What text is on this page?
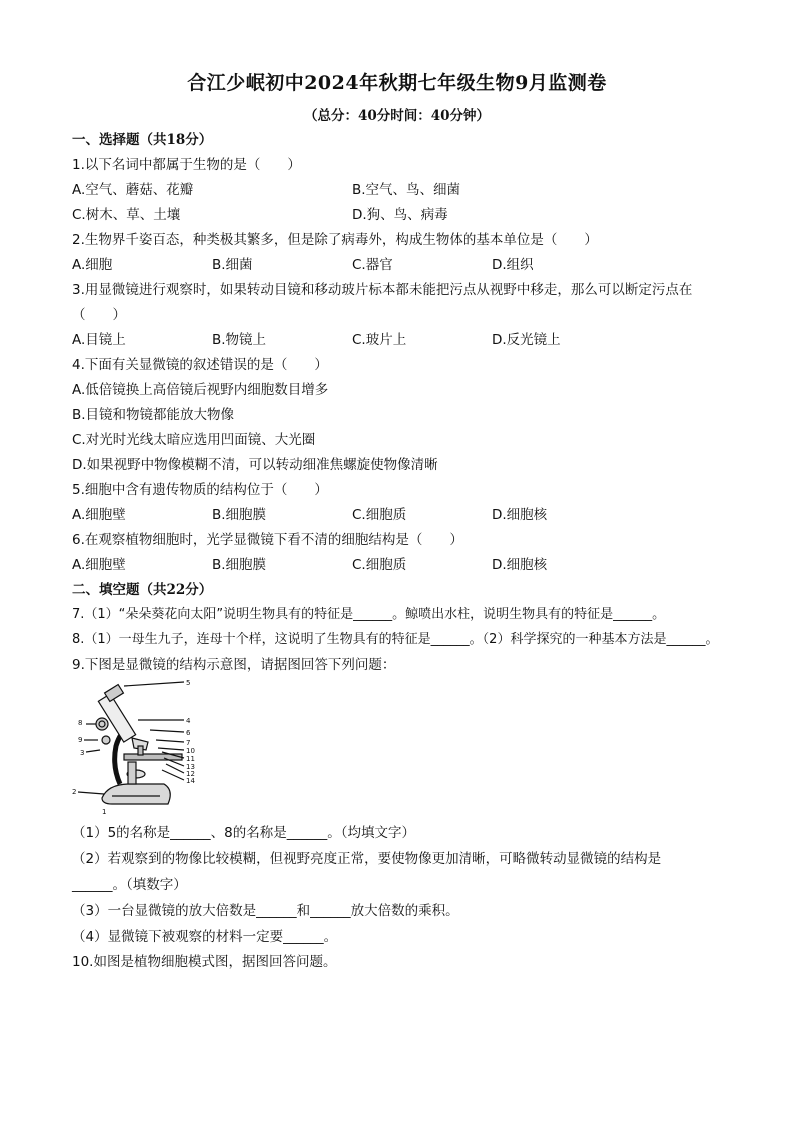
合江少岷初中2024年秋期七年级生物9月监测卷
（总分：40分时间：40分钟）
一、选择题（共18分）
1.以下名词中都属于生物的是（　　）
A.空气、蘑菇、花瓣	B.空气、鸟、细菌
C.树木、草、土壤	D.狗、鸟、病毒
2.生物界千姿百态，种类极其繁多，但是除了病毒外，构成生物体的基本单位是（　　）
A.细胞	B.细菌	C.器官	D.组织
3.用显微镜进行观察时，如果转动目镜和移动玻片标本都未能把污点从视野中移走，那么可以断定污点在
（　　）
A.目镜上	B.物镜上	C.玻片上	D.反光镜上
4.下面有关显微镜的叙述错误的是（　　）
A.低倍镜换上高倍镜后视野内细胞数目增多
B.目镜和物镜都能放大物像
C.对光时光线太暗应选用凹面镜、大光圈
D.如果视野中物像模糊不清，可以转动细准焦螺旋使物像清晰
5.细胞中含有遗传物质的结构位于（　　）
A.细胞壁	B.细胞膜	C.细胞质	D.细胞核
6.在观察植物细胞时，光学显微镜下看不清的细胞结构是（　　）
A.细胞壁	B.细胞膜	C.细胞质	D.细胞核
二、填空题（共22分）
7.（1）“朵朵葵花向太阳”说明生物具有的特征是______。鲸喷出水柱，说明生物具有的特征是______。
8.（1）一母生九子，连母十个样，这说明了生物具有的特征是______。（2）科学探究的一种基本方法是______。
9.下图是显微镜的结构示意图，请据图回答下列问题：
5
4
6
7
10
11
13
12
14
8
9
3
2
1
（1）5的名称是______、8的名称是______。（均填文字）
（2）若观察到的物像比较模糊，但视野亮度正常，要使物像更加清晰，可略微转动显微镜的结构是
______。（填数字）
（3）一台显微镜的放大倍数是______和______放大倍数的乘积。
（4）显微镜下被观察的材料一定要______。
10.如图是植物细胞模式图，据图回答问题。
